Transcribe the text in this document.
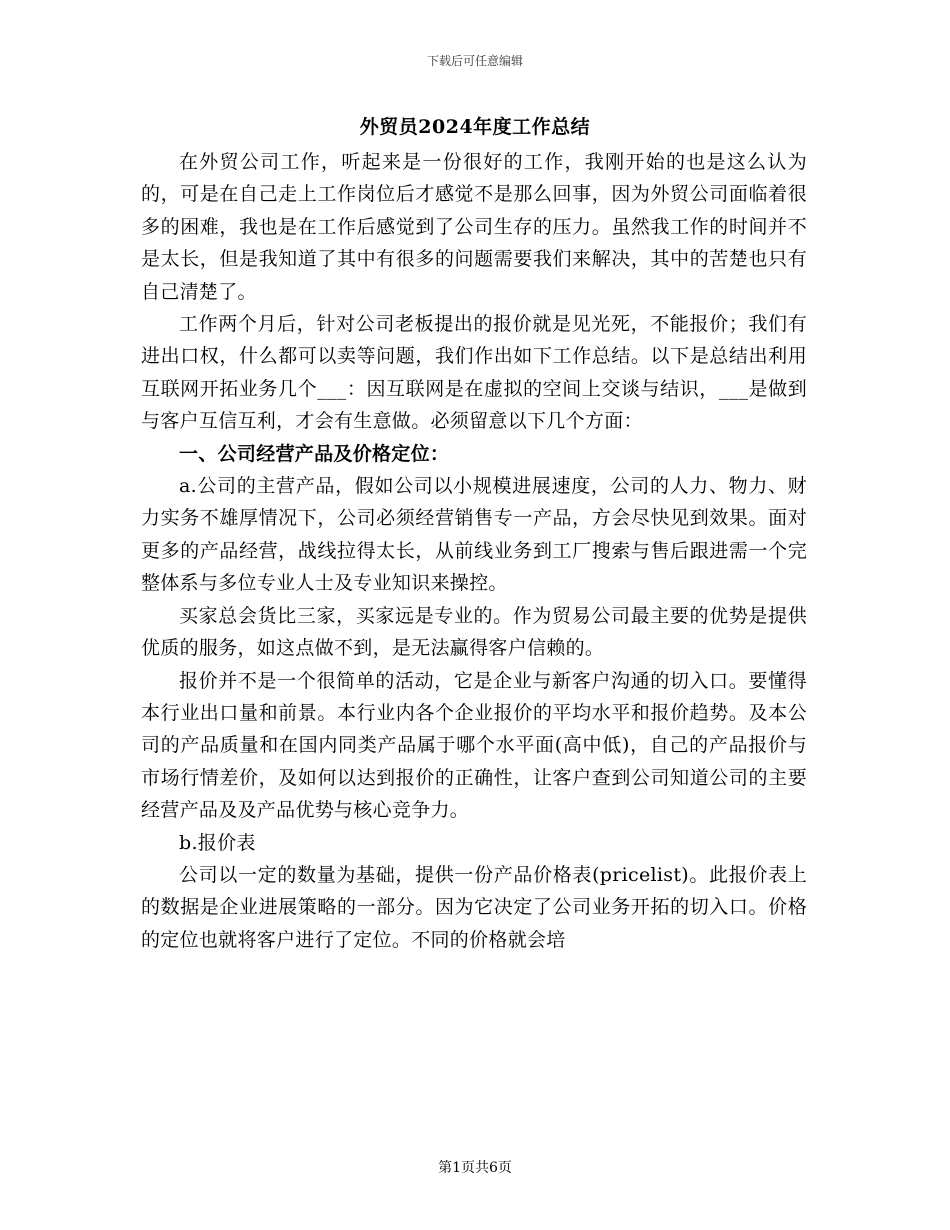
下载后可任意编辑
外贸员2024年度工作总结

在外贸公司工作，听起来是一份很好的工作，我刚开始的也是这么认为的，可是在自己走上工作岗位后才感觉不是那么回事，因为外贸公司面临着很多的困难，我也是在工作后感觉到了公司生存的压力。虽然我工作的时间并不是太长，但是我知道了其中有很多的问题需要我们来解决，其中的苦楚也只有自己清楚了。

工作两个月后，针对公司老板提出的报价就是见光死，不能报价；我们有进出口权，什么都可以卖等问题，我们作出如下工作总结。以下是总结出利用互联网开拓业务几个___：因互联网是在虚拟的空间上交谈与结识，___是做到与客户互信互利，才会有生意做。必须留意以下几个方面：

一、公司经营产品及价格定位：

a.公司的主营产品，假如公司以小规模进展速度，公司的人力、物力、财力实务不雄厚情况下，公司必须经营销售专一产品，方会尽快见到效果。面对更多的产品经营，战线拉得太长，从前线业务到工厂搜索与售后跟进需一个完整体系与多位专业人士及专业知识来操控。

买家总会货比三家，买家远是专业的。作为贸易公司最主要的优势是提供优质的服务，如这点做不到，是无法赢得客户信赖的。

报价并不是一个很简单的活动，它是企业与新客户沟通的切入口。要懂得本行业出口量和前景。本行业内各个企业报价的平均水平和报价趋势。及本公司的产品质量和在国内同类产品属于哪个水平面(高中低)，自己的产品报价与市场行情差价，及如何以达到报价的正确性，让客户查到公司知道公司的主要经营产品及及产品优势与核心竞争力。

b.报价表

公司以一定的数量为基础，提供一份产品价格表(pricelist)。此报价表上的数据是企业进展策略的一部分。因为它决定了公司业务开拓的切入口。价格的定位也就将客户进行了定位。不同的价格就会培

第1页共6页
